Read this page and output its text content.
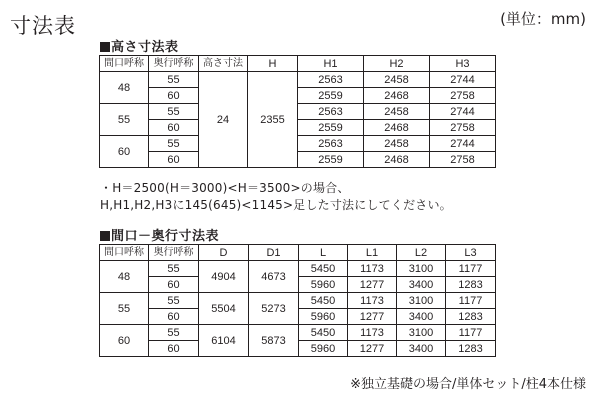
寸法表	(単位：mm)
高さ寸法表
間口呼称	奥行呼称	高さ寸法	H	H1	H2	H3
48	55	24	2355	2563	2458	2744
	60			2559	2468	2758
55	55			2563	2458	2744
	60			2559	2468	2758
60	55			2563	2458	2744
	60			2559	2468	2758
・H＝2500(H＝3000)<H＝3500>の場合、
H,H1,H2,H3に145(645)<1145>足した寸法にしてください。
間口－奥行寸法表
間口呼称	奥行呼称	D	D1	L	L1	L2	L3
48	55	4904	4673	5450	1173	3100	1177
	60			5960	1277	3400	1283
55	55	5504	5273	5450	1173	3100	1177
	60			5960	1277	3400	1283
60	55	6104	5873	5450	1173	3100	1177
	60			5960	1277	3400	1283
※独立基礎の場合/単体セット/柱4本仕様
